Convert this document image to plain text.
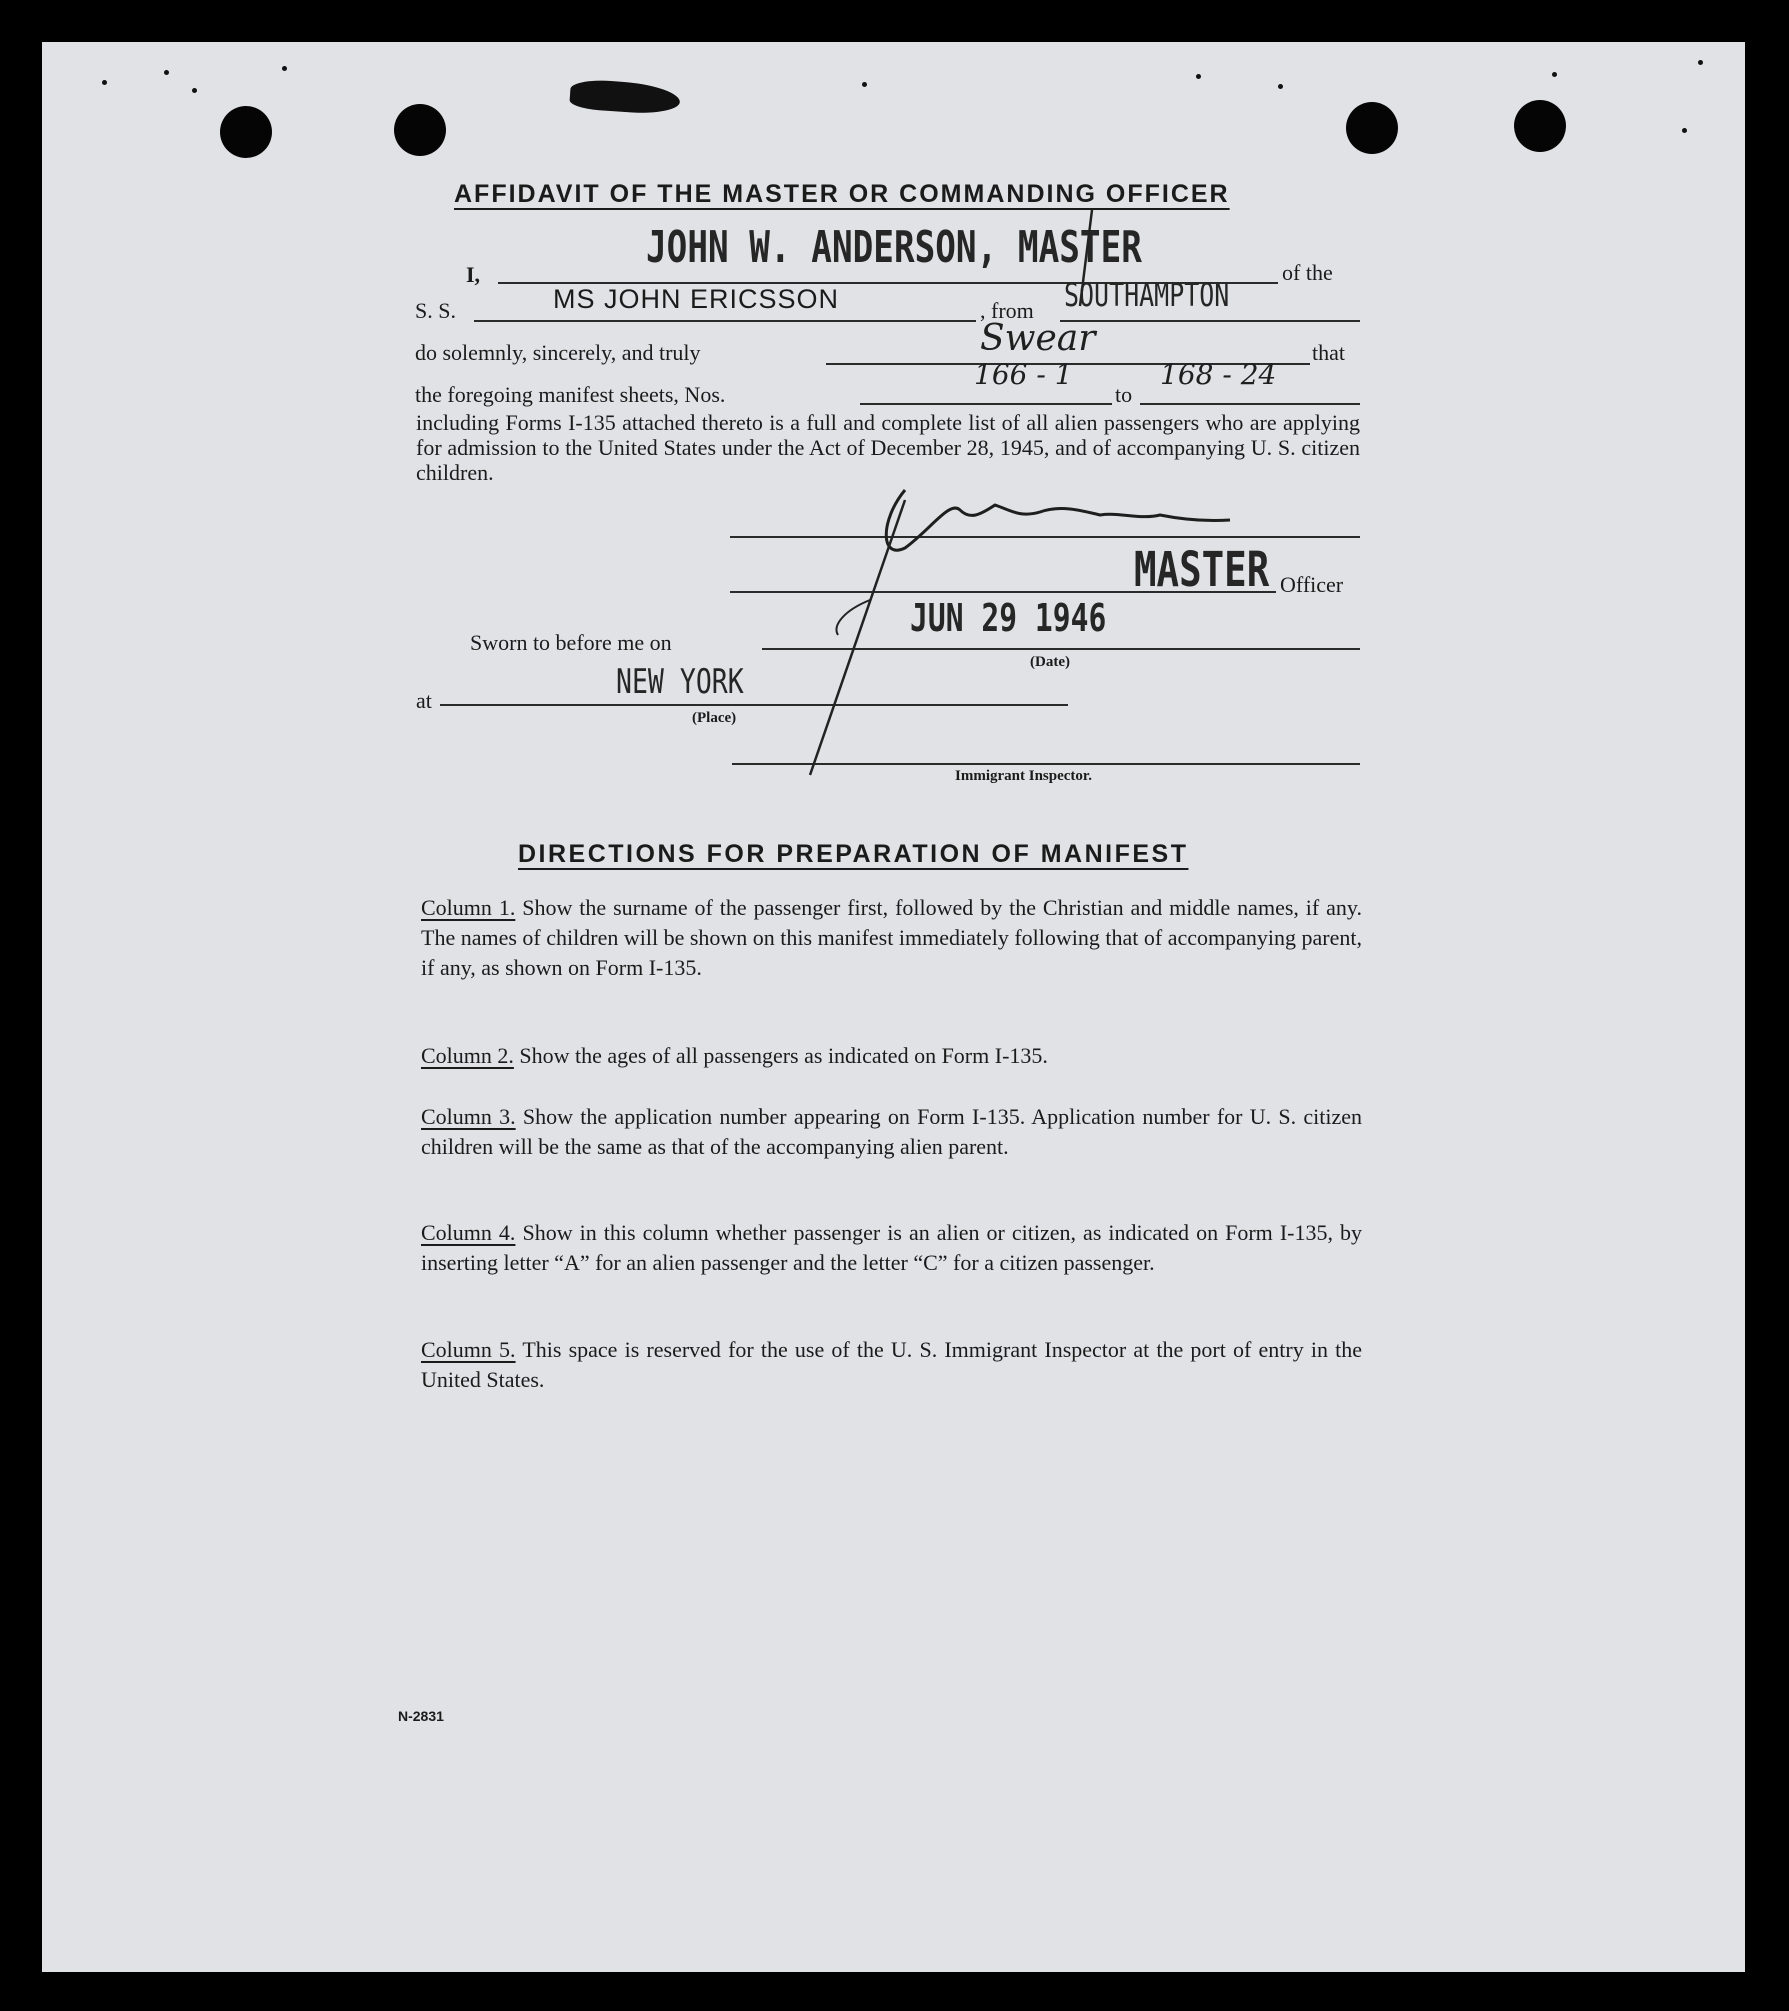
AFFIDAVIT OF THE MASTER OR COMMANDING OFFICER
I,
JOHN W. ANDERSON, MASTER	of the
S. S.	MS JOHN ERICSSON	, from SOUTHAMPTON
do solemnly, sincerely, and truly	Swear	that
the foregoing manifest sheets, Nos.
166 - 1
to
168 - 24
including Forms I-135 attached thereto is a full and complete list of all alien passengers who are applying for admission to the United States under the Act of December 28, 1945, and of accompanying U. S. citizen children.
MASTER Officer
Sworn to before me on
JUN 29 1946
(Date)
at	NEW YORK
(Place)
Immigrant Inspector.
DIRECTIONS FOR PREPARATION OF MANIFEST
Column 1. Show the surname of the passenger first, followed by the Christian and middle names, if any. The names of children will be shown on this manifest immediately following that of accompanying parent, if any, as shown on Form I-135.
Column 2. Show the ages of all passengers as indicated on Form I-135.
Column 3. Show the application number appearing on Form I-135. Application number for U. S. citizen children will be the same as that of the accompanying alien parent.
Column 4. Show in this column whether passenger is an alien or citizen, as indicated on Form I-135, by inserting letter “A” for an alien passenger and the letter “C” for a citizen passenger.
Column 5. This space is reserved for the use of the U. S. Immigrant Inspector at the port of entry in the United States.
N-2831
